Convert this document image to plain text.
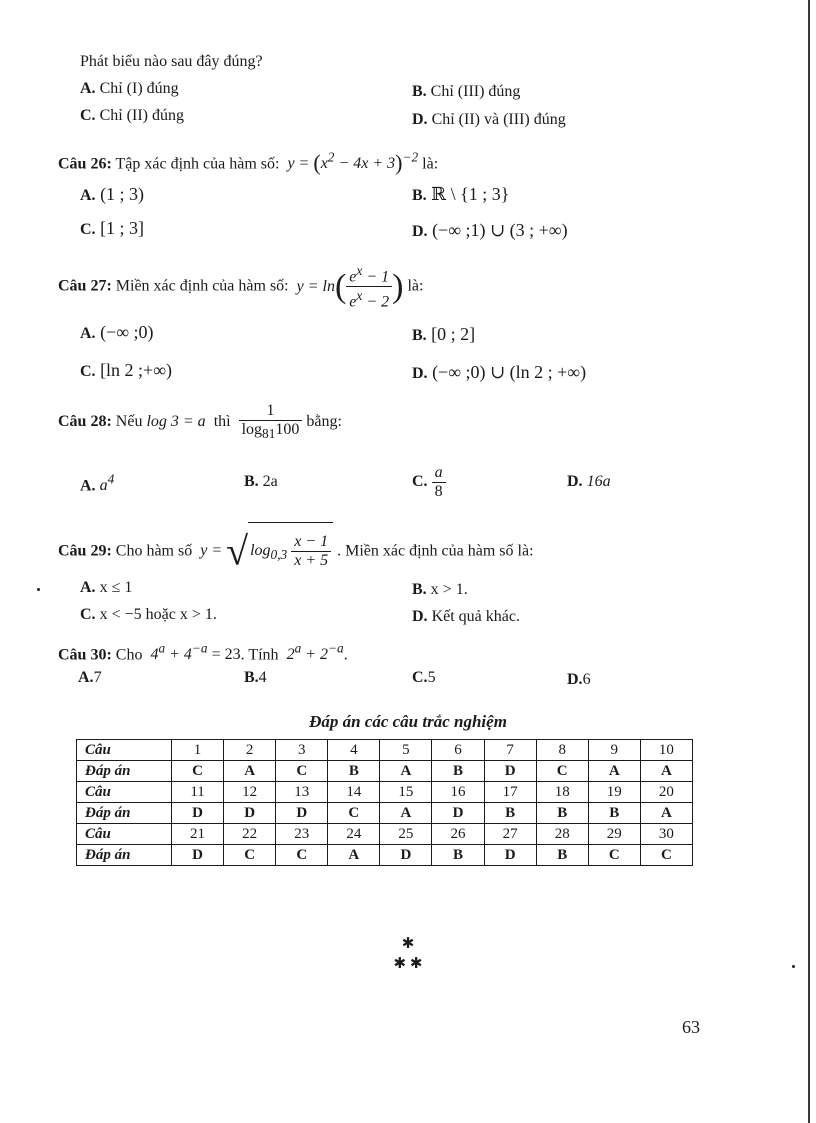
Phát biểu nào sau đây đúng?
A. Chỉ (I) đúng	B. Chỉ (III) đúng
C. Chỉ (II) đúng	D. Chỉ (II) và (III) đúng
Câu 26: Tập xác định của hàm số:  $y = (x^2 - 4x + 3)^{-2}$ là:
A. (1 ; 3)	B. ℝ \ {1 ; 3}
C. [1 ; 3]	D. (−∞ ;1) ∪ (3 ; +∞)
Câu 27: Miền xác định của hàm số:  $y = \ln( \frac{e^x - 1}{e^x - 2}$ ) là:
A. (−∞ ;0)	B. [0 ; 2]
C. [ln 2 ;+∞)	D. (−∞ ;0) ∪ (ln 2 ; +∞)
Câu 28: Nếu log 3 = a thì $\frac{1}{\log_{81}100}$ bằng:
A. $a^4$	B. 2a	C. $\frac{a}{8}$	D. 16a
Câu 29: Cho hàm số  y = √ $\log_{0,3} \frac{x - 1}{x + 5}$ . Miền xác định của hàm số là:
A. x ≤ 1	B. x > 1.
C. x < −5 hoặc x > 1.	D. Kết quả khác.
Câu 30: Cho  $4^a + 4^{-a} = 23$. Tính  $2^a + 2^{-a}$.
A.7	B.4	C.5	D.6
Đáp án các câu trắc nghiệm
Câu	1	2	3	4	5	6	7	8	9	10
Đáp án	C	A	C	B	A	B	D	C	A	A
Câu	11	12	13	14	15	16	17	18	19	20
Đáp án	D	D	D	C	A	D	B	B	B	A
Câu	21	22	23	24	25	26	27	28	29	30
Đáp án	D	C	C	A	D	B	D	B	C	C
✱
✱ ✱
63
